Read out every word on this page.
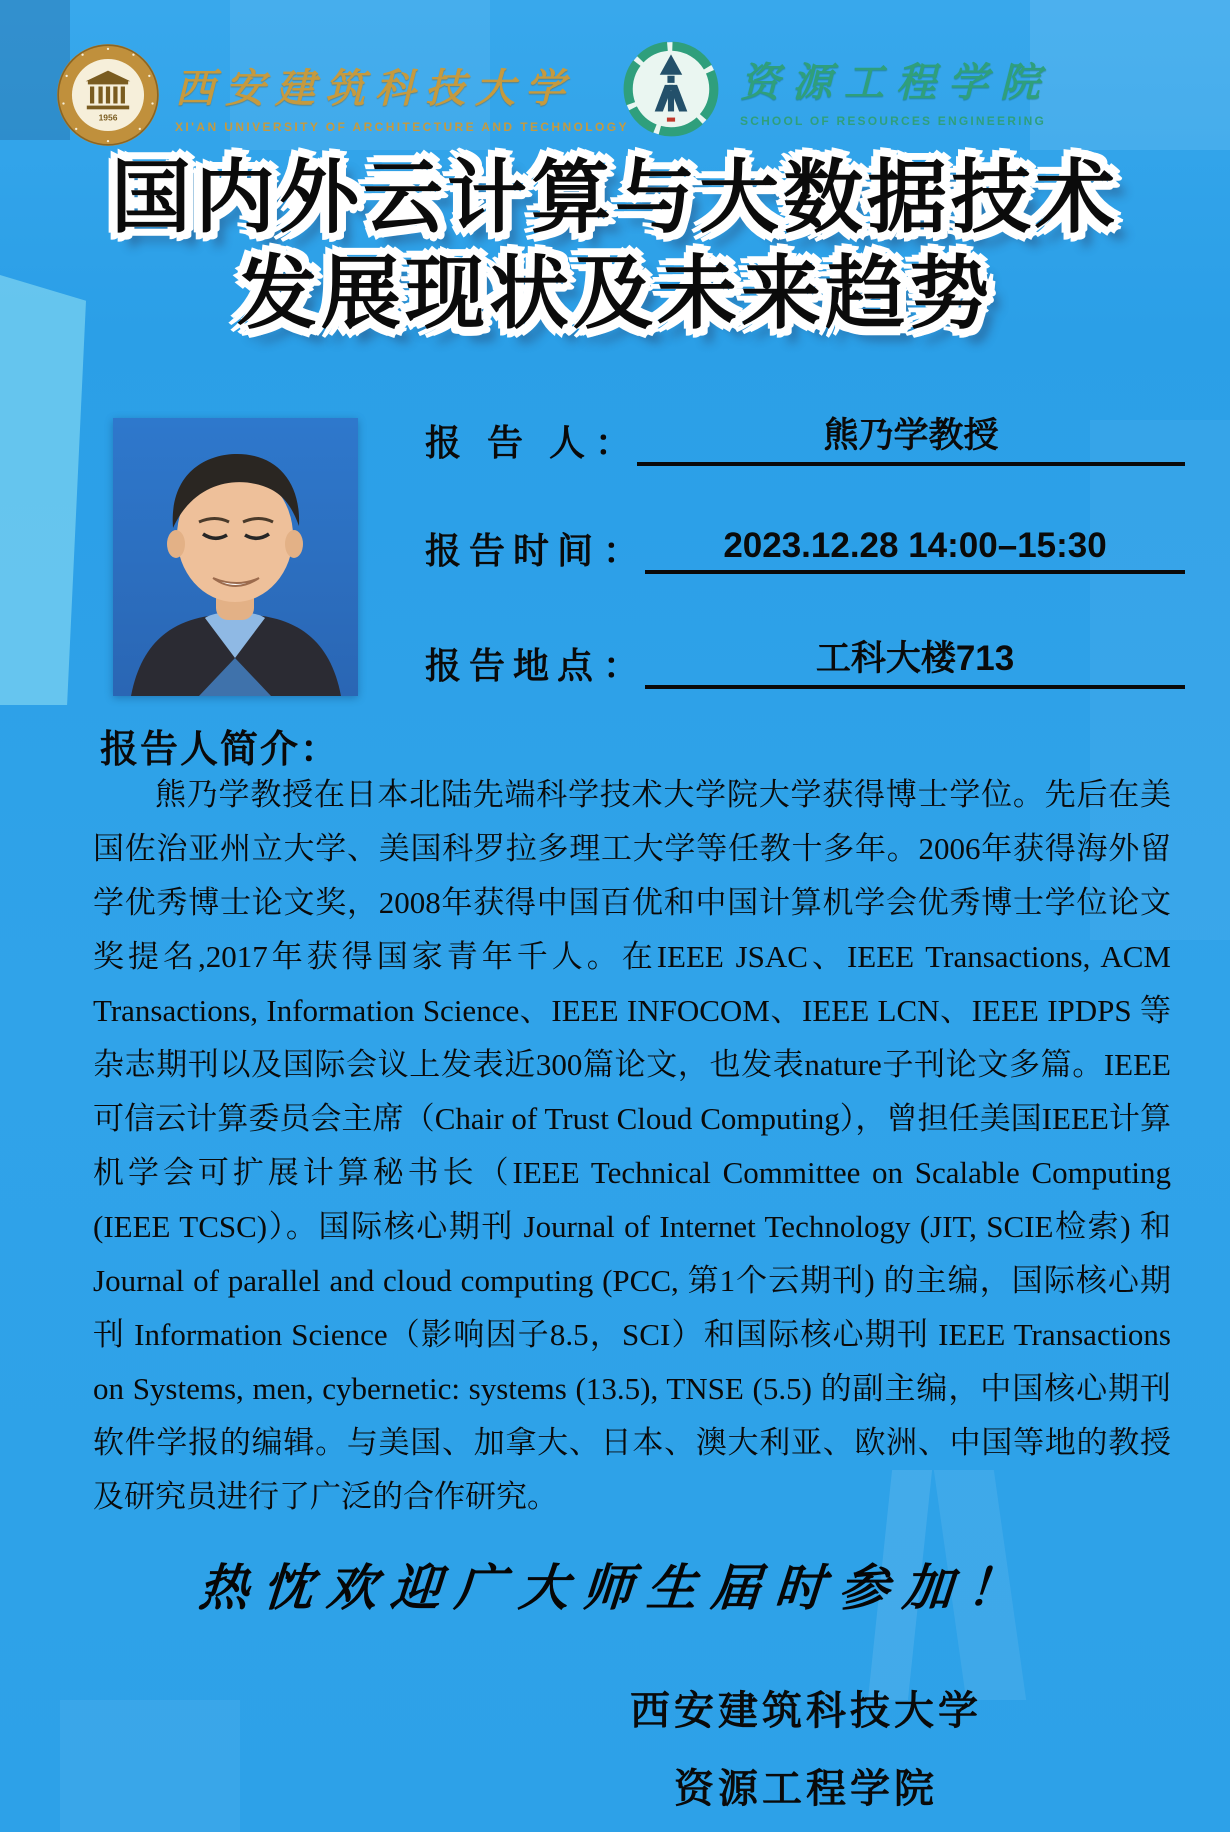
1956
西安建筑科技大学
XI'AN UNIVERSITY OF ARCHITECTURE AND TECHNOLOGY
资源工程学院
SCHOOL OF RESOURCES ENGINEERING
国内外云计算与大数据技术
发展现状及未来趋势
报 告 人 ：	熊乃学教授
报告时间 ：	2023.12.28 14:00–15:30
报告地点 ：	工科大楼713
报告人简介：
熊乃学教授在日本北陆先端科学技术大学院大学获得博士学位。先后在美国佐治亚州立大学、美国科罗拉多理工大学等任教十多年。2006年获得海外留学优秀博士论文奖，2008年获得中国百优和中国计算机学会优秀博士学位论文奖提名,2017年获得国家青年千人。在IEEE JSAC、IEEE Transactions, ACM Transactions, Information Science、IEEE INFOCOM、IEEE LCN、IEEE IPDPS 等杂志期刊以及国际会议上发表近300篇论文，也发表nature子刊论文多篇。IEEE 可信云计算委员会主席（Chair of Trust Cloud Computing），曾担任美国IEEE计算机学会可扩展计算秘书长（IEEE Technical Committee on Scalable Computing (IEEE TCSC)）。国际核心期刊 Journal of Internet Technology (JIT, SCIE检索) 和 Journal of parallel and cloud computing (PCC, 第1个云期刊) 的主编，国际核心期刊 Information Science（影响因子8.5，SCI）和国际核心期刊 IEEE Transactions on Systems, men, cybernetic: systems (13.5), TNSE (5.5) 的副主编，中国核心期刊软件学报的编辑。与美国、加拿大、日本、澳大利亚、欧洲、中国等地的教授及研究员进行了广泛的合作研究。
热忱欢迎广大师生届时参加！
西安建筑科技大学
资源工程学院
